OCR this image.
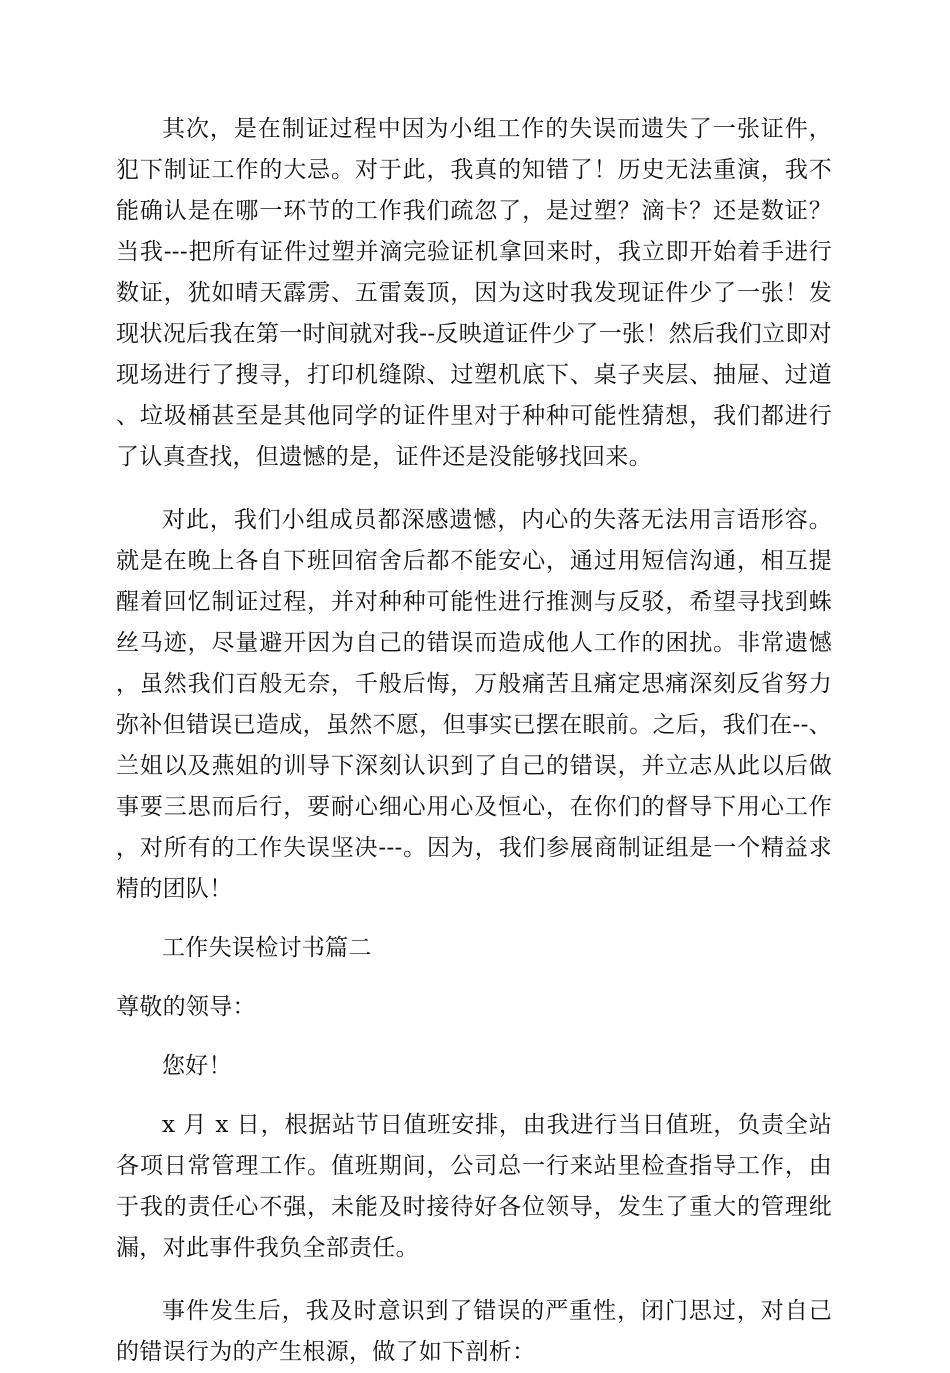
其次，是在制证过程中因为小组工作的失误而遗失了一张证件，犯下制证工作的大忌。对于此，我真的知错了！历史无法重演，我不能确认是在哪一环节的工作我们疏忽了，是过塑？滴卡？还是数证？当我---把所有证件过塑并滴完验证机拿回来时，我立即开始着手进行数证，犹如晴天霹雳、五雷轰顶，因为这时我发现证件少了一张！发现状况后我在第一时间就对我--反映道证件少了一张！然后我们立即对现场进行了搜寻，打印机缝隙、过塑机底下、桌子夹层、抽屉、过道、垃圾桶甚至是其他同学的证件里对于种种可能性猜想，我们都进行了认真查找，但遗憾的是，证件还是没能够找回来。

对此，我们小组成员都深感遗憾，内心的失落无法用言语形容。就是在晚上各自下班回宿舍后都不能安心，通过用短信沟通，相互提醒着回忆制证过程，并对种种可能性进行推测与反驳，希望寻找到蛛丝马迹，尽量避开因为自己的错误而造成他人工作的困扰。非常遗憾，虽然我们百般无奈，千般后悔，万般痛苦且痛定思痛深刻反省努力弥补但错误已造成，虽然不愿，但事实已摆在眼前。之后，我们在--、兰姐以及燕姐的训导下深刻认识到了自己的错误，并立志从此以后做事要三思而后行，要耐心细心用心及恒心，在你们的督导下用心工作，对所有的工作失误坚决---。因为，我们参展商制证组是一个精益求精的团队！

工作失误检讨书篇二

尊敬的领导：

您好！

x 月 x 日，根据站节日值班安排，由我进行当日值班，负责全站各项日常管理工作。值班期间，公司总一行来站里检查指导工作，由于我的责任心不强，未能及时接待好各位领导，发生了重大的管理纰漏，对此事件我负全部责任。

事件发生后，我及时意识到了错误的严重性，闭门思过，对自己的错误行为的产生根源，做了如下剖析：
